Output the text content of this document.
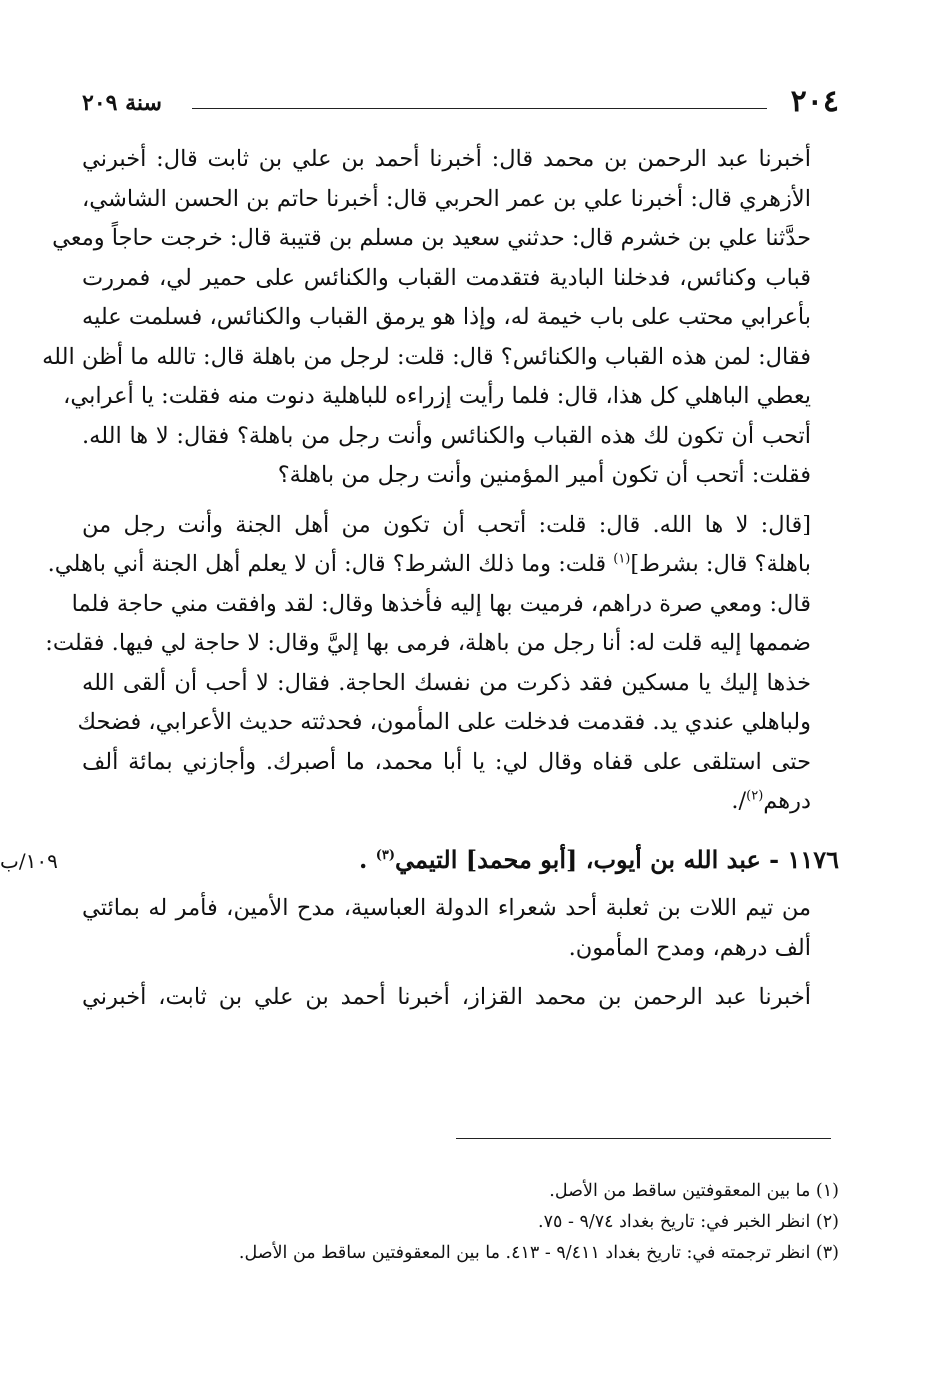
٢٠٤
سنة ٢٠٩

أخبرنا عبد الرحمن بن محمد قال: أخبرنا أحمد بن علي بن ثابت قال: أخبرني
الأزهري قال: أخبرنا علي بن عمر الحربي قال: أخبرنا حاتم بن الحسن الشاشي،
حدَّثنا علي بن خشرم قال: حدثني سعيد بن مسلم بن قتيبة قال: خرجت حاجاً ومعي
قباب وكنائس، فدخلنا البادية فتقدمت القباب والكنائس على حمير لي، فمررت
بأعرابي محتب على باب خيمة له، وإذا هو يرمق القباب والكنائس، فسلمت عليه
فقال: لمن هذه القباب والكنائس؟ قال: قلت: لرجل من باهلة قال: تالله ما أظن الله
يعطي الباهلي كل هذا، قال: فلما رأيت إزراءه للباهلية دنوت منه فقلت: يا أعرابي،
أتحب أن تكون لك هذه القباب والكنائس وأنت رجل من باهلة؟ فقال: لا ها الله.
فقلت: أتحب أن تكون أمير المؤمنين وأنت رجل من باهلة؟

[قال: لا ها الله. قال: قلت: أتحب أن تكون من أهل الجنة وأنت رجل من
باهلة؟ قال: بشرط]$^{(١)}$ قلت: وما ذلك الشرط؟ قال: أن لا يعلم أهل الجنة أني باهلي.
قال: ومعي صرة دراهم، فرميت بها إليه فأخذها وقال: لقد وافقت مني حاجة فلما
ضممها إليه قلت له: أنا رجل من باهلة، فرمى بها إليَّ وقال: لا حاجة لي فيها. فقلت:
خذها إليك يا مسكين فقد ذكرت من نفسك الحاجة. فقال: لا أحب أن ألقى الله
ولباهلي عندي يد. فقدمت فدخلت على المأمون، فحدثته حديث الأعرابي، فضحك
حتى استلقى على قفاه وقال لي: يا أبا محمد، ما أصبرك. وأجازني بمائة ألف
درهم$^{(٢)}$/.

١١٧٦ - عبد الله بن أيوب، [أبو محمد] التيمي$^{(٣)}$ .

من تيم اللات بن ثعلبة أحد شعراء الدولة العباسية، مدح الأمين، فأمر له بمائتي
ألف درهم، ومدح المأمون.

أخبرنا عبد الرحمن بن محمد القزاز، أخبرنا أحمد بن علي بن ثابت، أخبرني

١٠٩/ب

(١) ما بين المعقوفتين ساقط من الأصل.

(٢) انظر الخبر في: تاريخ بغداد ٩/٧٤ - ٧٥.

(٣) انظر ترجمته في: تاريخ بغداد ٩/٤١١ - ٤١٣. ما بين المعقوفتين ساقط من الأصل.
